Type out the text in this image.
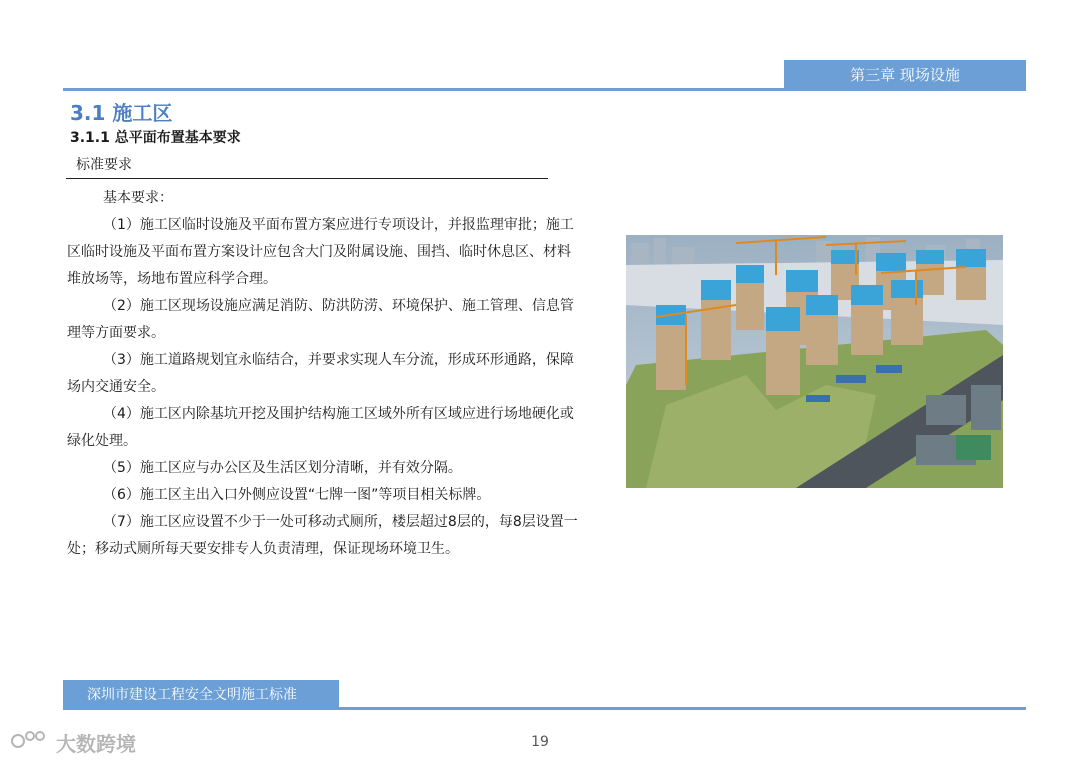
第三章 现场设施
3.1 施工区
3.1.1 总平面布置基本要求
标准要求

基本要求：

（1）施工区临时设施及平面布置方案应进行专项设计，并报监理审批；施工区临时设施及平面布置方案设计应包含大门及附属设施、围挡、临时休息区、材料堆放场等，场地布置应科学合理。

（2）施工区现场设施应满足消防、防洪防涝、环境保护、施工管理、信息管理等方面要求。

（3）施工道路规划宜永临结合，并要求实现人车分流，形成环形通路，保障场内交通安全。

（4）施工区内除基坑开挖及围护结构施工区域外所有区域应进行场地硬化或绿化处理。

（5）施工区应与办公区及生活区划分清晰，并有效分隔。

（6）施工区主出入口外侧应设置“七牌一图”等项目相关标牌。

（7）施工区应设置不少于一处可移动式厕所，楼层超过8层的，每8层设置一处；移动式厕所每天要安排专人负责清理，保证现场环境卫生。

深圳市建设工程安全文明施工标准
大数跨境	19
